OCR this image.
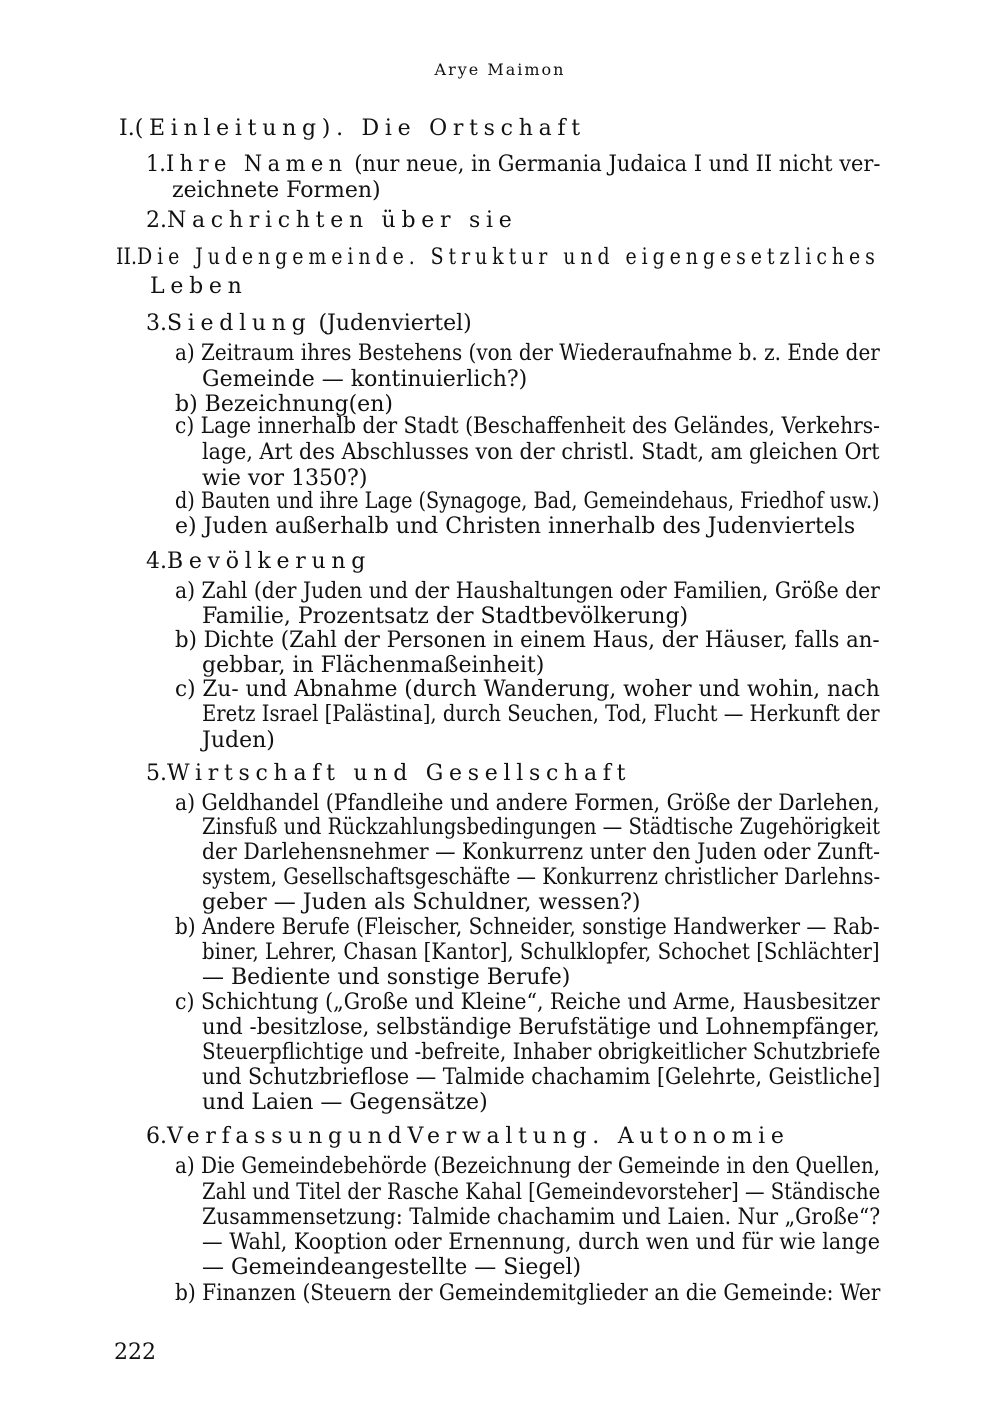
Arye Maimon
I.(Einleitung). Die Ortschaft
1.Ihre Namen (nur neue, in Germania Judaica I und II nicht ver-
zeichnete Formen)
2.Nachrichten über sie
II.Die Judengemeinde. Struktur und eigengesetzliches
Leben
3.Siedlung (Judenviertel)
a) Zeitraum ihres Bestehens (von der Wiederaufnahme b. z. Ende der
Gemeinde — kontinuierlich?)
b) Bezeichnung(en)
c) Lage innerhalb der Stadt (Beschaffenheit des Geländes, Verkehrs-
lage, Art des Abschlusses von der christl. Stadt, am gleichen Ort
wie vor 1350?)
d) Bauten und ihre Lage (Synagoge, Bad, Gemeindehaus, Friedhof usw.)
e) Juden außerhalb und Christen innerhalb des Judenviertels
4.Bevölkerung
a) Zahl (der Juden und der Haushaltungen oder Familien, Größe der
Familie, Prozentsatz der Stadtbevölkerung)
b) Dichte (Zahl der Personen in einem Haus, der Häuser, falls an-
gebbar, in Flächenmaßeinheit)
c) Zu- und Abnahme (durch Wanderung, woher und wohin, nach
Eretz Israel [Palästina], durch Seuchen, Tod, Flucht — Herkunft der
Juden)
5.Wirtschaft und Gesellschaft
a) Geldhandel (Pfandleihe und andere Formen, Größe der Darlehen,
Zinsfuß und Rückzahlungsbedingungen — Städtische Zugehörigkeit
der Darlehensnehmer — Konkurrenz unter den Juden oder Zunft-
system, Gesellschaftsgeschäfte — Konkurrenz christlicher Darlehns-
geber — Juden als Schuldner, wessen?)
b) Andere Berufe (Fleischer, Schneider, sonstige Handwerker — Rab-
biner, Lehrer, Chasan [Kantor], Schulklopfer, Schochet [Schlächter]
— Bediente und sonstige Berufe)
c) Schichtung („Große und Kleine“, Reiche und Arme, Hausbesitzer
und -besitzlose, selbständige Berufstätige und Lohnempfänger,
Steuerpflichtige und -befreite, Inhaber obrigkeitlicher Schutzbriefe
und Schutzbrieflose — Talmide chachamim [Gelehrte, Geistliche]
und Laien — Gegensätze)
6.VerfassungundVerwaltung. Autonomie
a) Die Gemeindebehörde (Bezeichnung der Gemeinde in den Quellen,
Zahl und Titel der Rasche Kahal [Gemeindevorsteher] — Ständische
Zusammensetzung: Talmide chachamim und Laien. Nur „Große“?
— Wahl, Kooption oder Ernennung, durch wen und für wie lange
— Gemeindeangestellte — Siegel)
b) Finanzen (Steuern der Gemeindemitglieder an die Gemeinde: Wer
222
